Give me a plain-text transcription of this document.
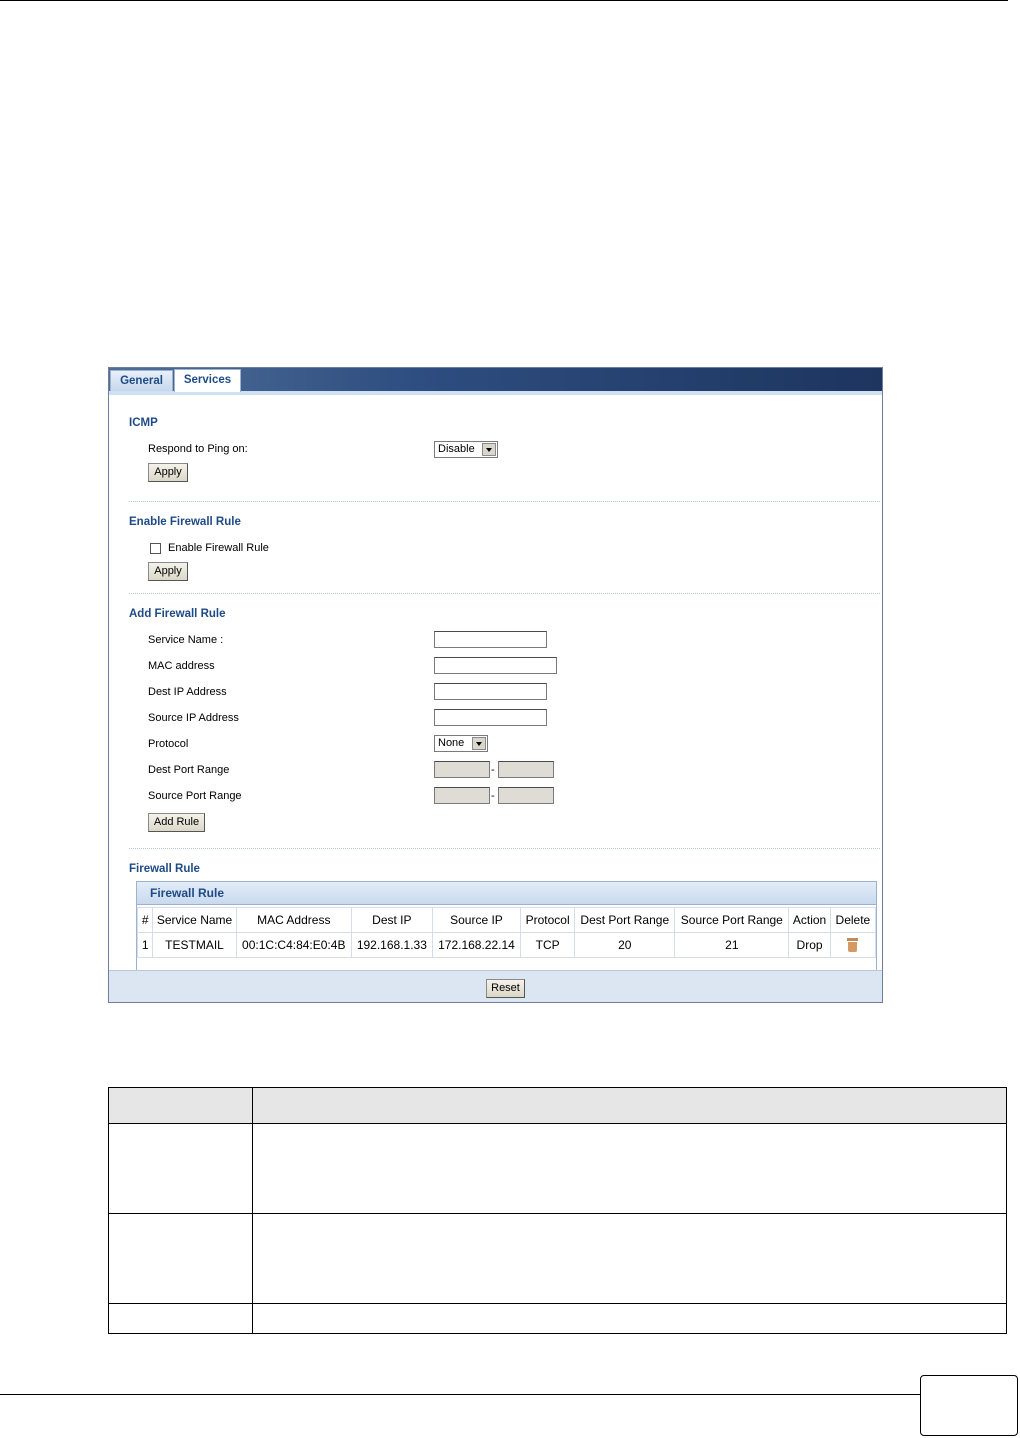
General	Services
ICMP
Respond to Ping on:	Disable
Apply
Enable Firewall Rule
Enable Firewall Rule
Apply
Add Firewall Rule
Service Name :
MAC address
Dest IP Address
Source IP Address
Protocol	None
Dest Port Range	-
Source Port Range	-
Add Rule
Firewall Rule
Firewall Rule
#	Service Name	MAC Address	Dest IP	Source IP	Protocol	Dest Port Range	Source Port Range	Action	Delete
1	TESTMAIL	00:1C:C4:84:E0:4B	192.168.1.33	172.168.22.14	TCP	20	21	Drop	
Reset
